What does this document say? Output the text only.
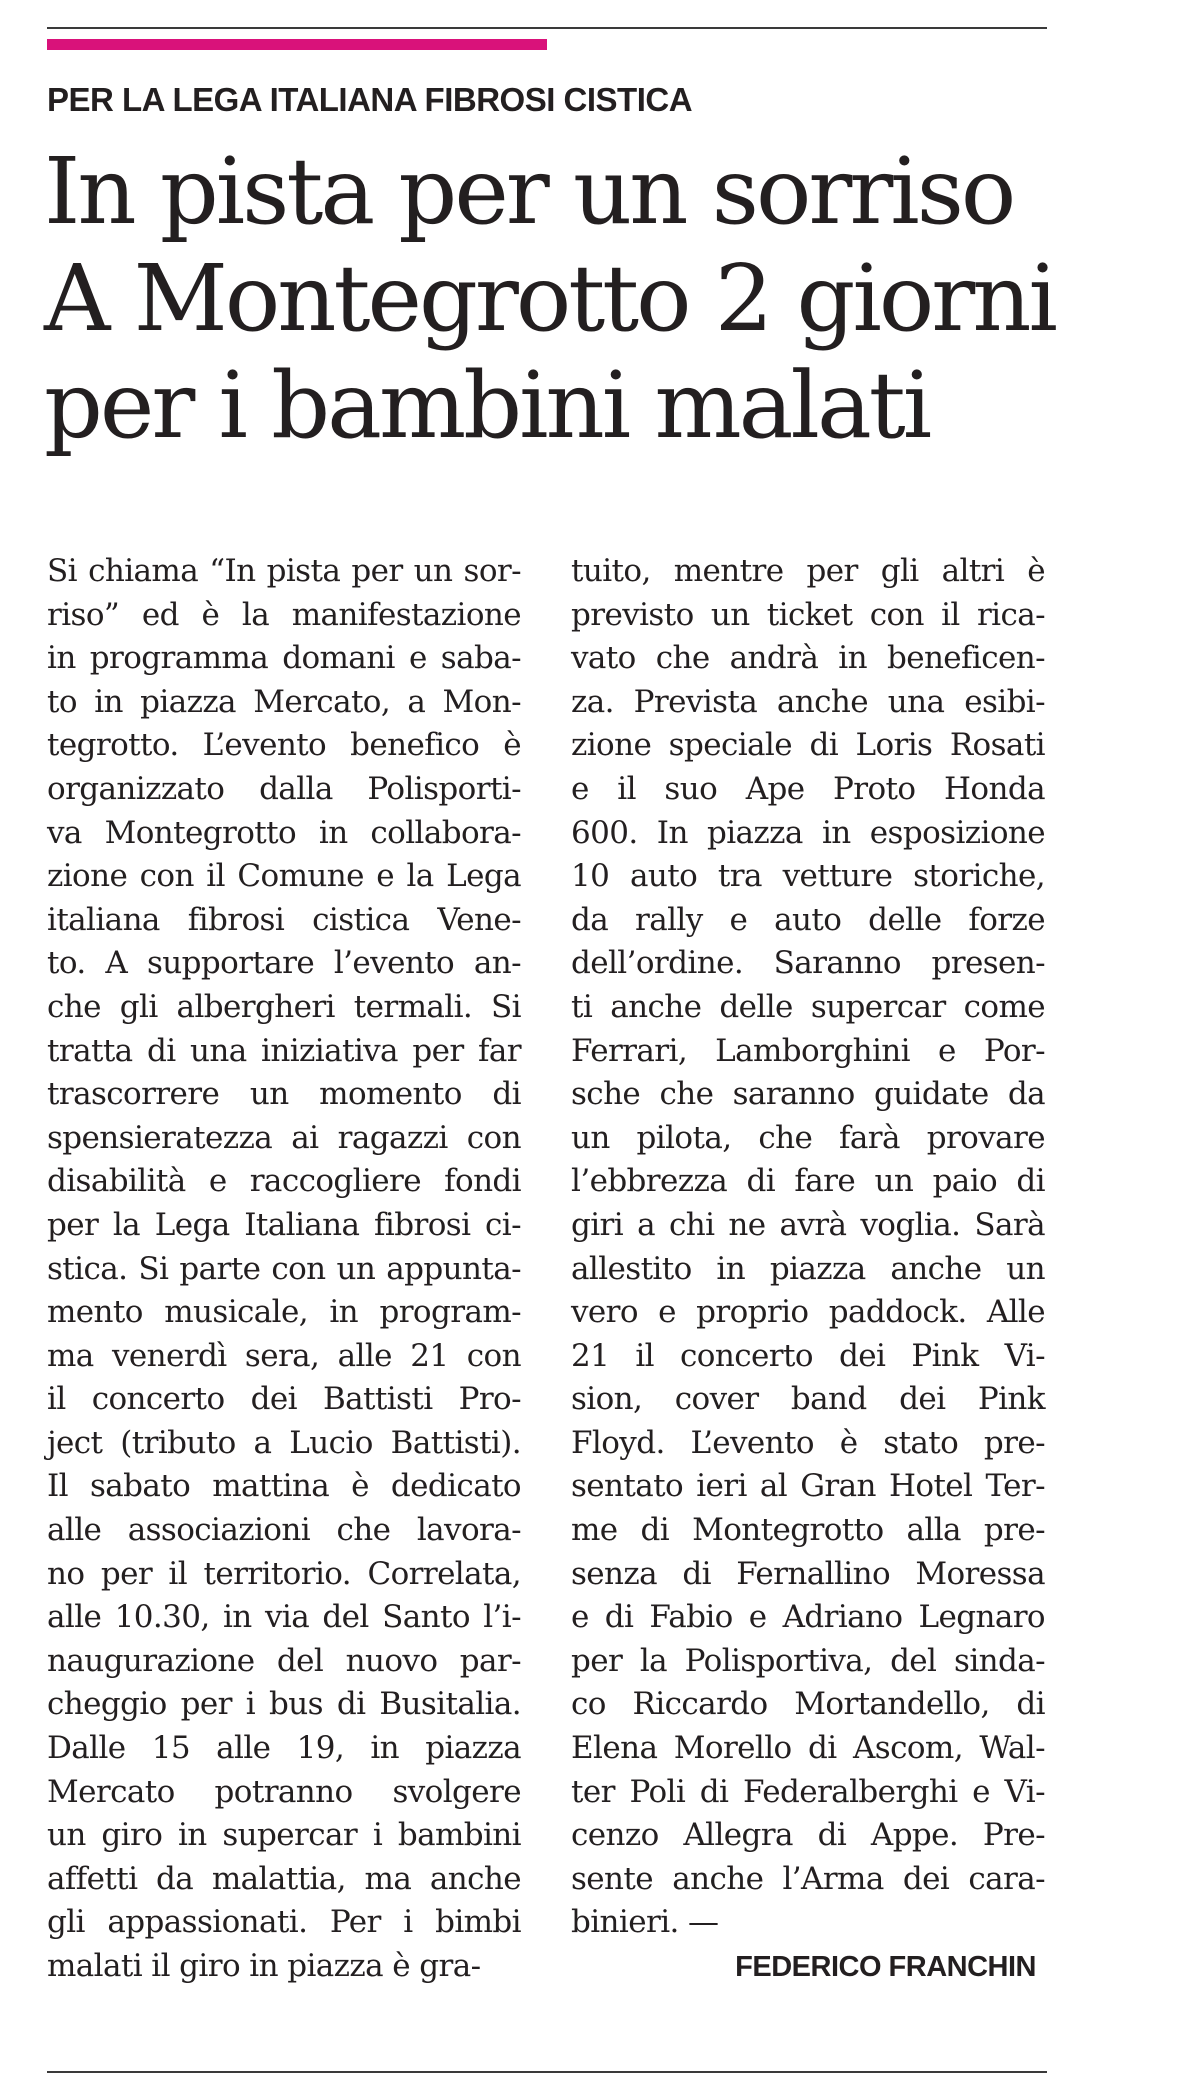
PER LA LEGA ITALIANA FIBROSI CISTICA
In pista per un sorriso
A Montegrotto 2 giorni
per i bambini malati
Si chiama “In pista per un sor-
riso” ed è la manifestazione
in programma domani e saba-
to in piazza Mercato, a Mon-
tegrotto. L’evento benefico è
organizzato dalla Polisporti-
va Montegrotto in collabora-
zione con il Comune e la Lega
italiana fibrosi cistica Vene-
to. A supportare l’evento an-
che gli albergheri termali. Si
tratta di una iniziativa per far
trascorrere un momento di
spensieratezza ai ragazzi con
disabilità e raccogliere fondi
per la Lega Italiana fibrosi ci-
stica. Si parte con un appunta-
mento musicale, in program-
ma venerdì sera, alle 21 con
il concerto dei Battisti Pro-
ject (tributo a Lucio Battisti).
Il sabato mattina è dedicato
alle associazioni che lavora-
no per il territorio. Correlata,
alle 10.30, in via del Santo l’i-
naugurazione del nuovo par-
cheggio per i bus di Busitalia.
Dalle 15 alle 19, in piazza
Mercato potranno svolgere
un giro in supercar i bambini
affetti da malattia, ma anche
gli appassionati. Per i bimbi
malati il giro in piazza è gra-
tuito, mentre per gli altri è
previsto un ticket con il rica-
vato che andrà in beneficen-
za. Prevista anche una esibi-
zione speciale di Loris Rosati
e il suo Ape Proto Honda
600. In piazza in esposizione
10 auto tra vetture storiche,
da rally e auto delle forze
dell’ordine. Saranno presen-
ti anche delle supercar come
Ferrari, Lamborghini e Por-
sche che saranno guidate da
un pilota, che farà provare
l’ebbrezza di fare un paio di
giri a chi ne avrà voglia. Sarà
allestito in piazza anche un
vero e proprio paddock. Alle
21 il concerto dei Pink Vi-
sion, cover band dei Pink
Floyd. L’evento è stato pre-
sentato ieri al Gran Hotel Ter-
me di Montegrotto alla pre-
senza di Fernallino Moressa
e di Fabio e Adriano Legnaro
per la Polisportiva, del sinda-
co Riccardo Mortandello, di
Elena Morello di Ascom, Wal-
ter Poli di Federalberghi e Vi-
cenzo Allegra di Appe. Pre-
sente anche l’Arma dei cara-
binieri. —
FEDERICO FRANCHIN
